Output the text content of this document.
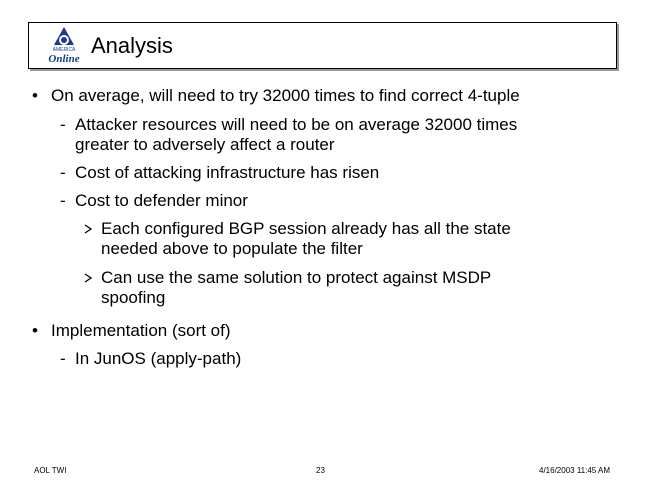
AMERICA
Online
Analysis
• On average, will need to try 32000 times to find correct 4-tuple
- Attacker resources will need to be on average 32000 times
greater to adversely affect a router
- Cost of attacking infrastructure has risen
- Cost to defender minor
Each configured BGP session already has all the state
needed above to populate the filter
Can use the same solution to protect against MSDP
spoofing
• Implementation (sort of)
- In JunOS (apply-path)
AOL TWI	23	4/16/2003 11:45 AM
